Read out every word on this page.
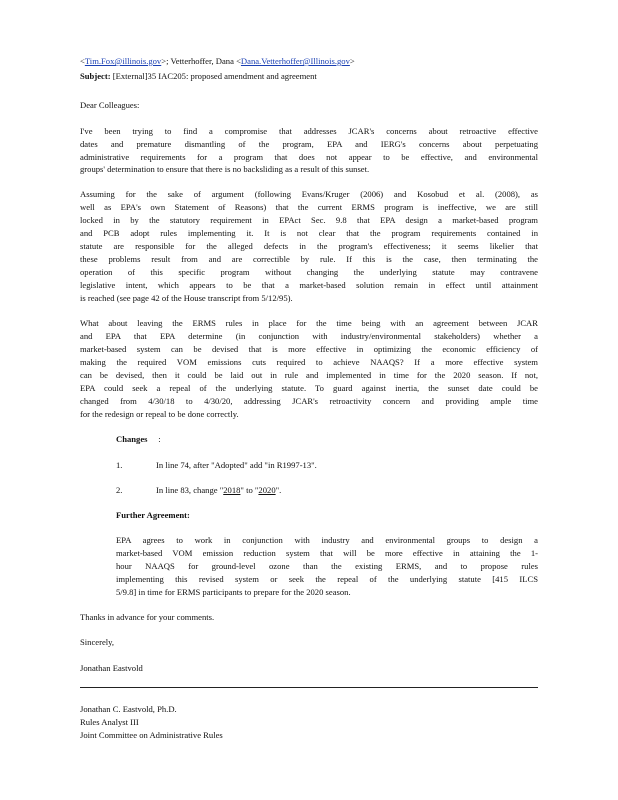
<Tim.Fox@illinois.gov>; Vetterhoffer, Dana <Dana.Vetterhoffer@Illinois.gov>
Subject: [External]35 IAC205: proposed amendment and agreement
Dear Colleagues:
I've been trying to find a compromise that addresses JCAR's concerns about retroactive effective
dates and premature dismantling of the program, EPA and IERG's concerns about perpetuating
administrative requirements for a program that does not appear to be effective, and environmental
groups' determination to ensure that there is no backsliding as a result of this sunset.
Assuming for the sake of argument (following Evans/Kruger (2006) and Kosobud et al. (2008), as
well as EPA's own Statement of Reasons) that the current ERMS program is ineffective, we are still
locked in by the statutory requirement in EPAct Sec. 9.8 that EPA design a market-based program
and PCB adopt rules implementing it. It is not clear that the program requirements contained in
statute are responsible for the alleged defects in the program's effectiveness; it seems likelier that
these problems result from and are correctible by rule. If this is the case, then terminating the
operation of this specific program without changing the underlying statute may contravene
legislative intent, which appears to be that a market-based solution remain in effect until attainment
is reached (see page 42 of the House transcript from 5/12/95).
What about leaving the ERMS rules in place for the time being with an agreement between JCAR
and EPA that EPA determine (in conjunction with industry/environmental stakeholders) whether a
market-based system can be devised that is more effective in optimizing the economic efficiency of
making the required VOM emissions cuts required to achieve NAAQS? If a more effective system
can be devised, then it could be laid out in rule and implemented in time for the 2020 season. If not,
EPA could seek a repeal of the underlying statute. To guard against inertia, the sunset date could be
changed from 4/30/18 to 4/30/20, addressing JCAR's retroactivity concern and providing ample time
for the redesign or repeal to be done correctly.
Changes :
1.	In line 74, after "Adopted" add "in R1997-13".
2.	In line 83, change "2018" to "2020".
Further Agreement:
EPA agrees to work in conjunction with industry and environmental groups to design a
market-based VOM emission reduction system that will be more effective in attaining the 1-
hour NAAQS for ground-level ozone than the existing ERMS, and to propose rules
implementing this revised system or seek the repeal of the underlying statute [415 ILCS
5/9.8] in time for ERMS participants to prepare for the 2020 season.
Thanks in advance for your comments.
Sincerely,
Jonathan Eastvold
Jonathan C. Eastvold, Ph.D.
Rules Analyst III
Joint Committee on Administrative Rules
